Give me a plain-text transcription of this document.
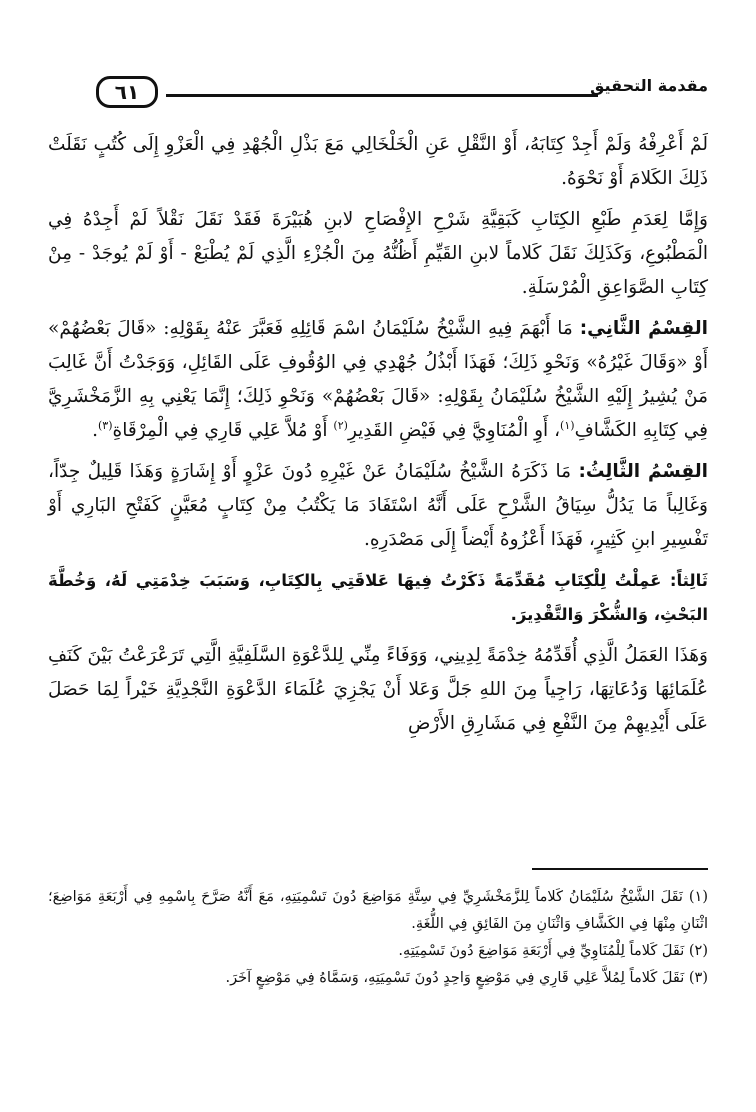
مقدمة التحقيق
٦١

لَمْ أَعْرِفْهُ وَلَمْ أَجِدْ كِتَابَهُ، أَوْ النَّقْلِ عَنِ الْخَلْخَالِي مَعَ بَذْلِ الْجُهْدِ فِي الْعَزْوِ إِلَى كُتُبٍ نَقَلَتْ ذَلِكَ الكَلامَ أَوْ نَحْوَهُ.

وَإِمَّا لِعَدَمِ طَبْعِ الكِتَابِ كَبَقِيَّةِ شَرْحِ الإِفْصَاحِ لابنِ هُبَيْرَةَ فَقَدْ نَقَلَ نَقْلاً لَمْ أَجِدْهُ فِي الْمَطْبُوعِ، وَكَذَلِكَ نَقَلَ كَلاماً لابنِ القَيِّمِ أَظُنُّهُ مِنَ الْجُزْءِ الَّذِي لَمْ يُطْبَعْ - أَوْ لَمْ يُوجَدْ - مِنْ كِتَابِ الصَّوَاعِقِ الْمُرْسَلَةِ.

القِسْمُ الثَّانِي: مَا أَبْهَمَ فِيهِ الشَّيْخُ سُلَيْمَانُ اسْمَ قَائِلِهِ فَعَبَّرَ عَنْهُ بِقَوْلِهِ: «قَالَ بَعْضُهُمْ» أَوْ «وَقَالَ غَيْرُهُ» وَنَحْوِ ذَلِكَ؛ فَهَذَا أَبْذُلُ جُهْدِي فِي الوُقُوفِ عَلَى القَائِلِ، وَوَجَدْتُ أَنَّ غَالِبَ مَنْ يُشِيرُ إِلَيْهِ الشَّيْخُ سُلَيْمَانُ بِقَوْلِهِ: «قَالَ بَعْضُهُمْ» وَنَحْوِ ذَلِكَ؛ إِنَّمَا يَعْنِي بِهِ الزَّمَخْشَرِيَّ فِي كِتَابِهِ الكَشَّافِ$^{(١)}$، أَوِ الْمُنَاوِيَّ فِي فَيْضِ القَدِيرِ$^{(٢)}$ أَوْ مُلاَّ عَلِي قَارِي فِي الْمِرْقَاةِ$^{(٣)}$.

القِسْمُ الثَّالِثُ: مَا ذَكَرَهُ الشَّيْخُ سُلَيْمَانُ عَنْ غَيْرِهِ دُونَ عَزْوٍ أَوْ إِشَارَةٍ وَهَذَا قَلِيلٌ جِدّاً، وَغَالِباً مَا يَدُلُّ سِيَاقُ الشَّرْحِ عَلَى أَنَّهُ اسْتَفَادَ مَا يَكْتُبُ مِنْ كِتَابٍ مُعَيَّنٍ كَفَتْحِ البَارِي أَوْ تَفْسِيرِ ابنِ كَثِيرٍ، فَهَذَا أَعْزُوهُ أَيْضاً إِلَى مَصْدَرِهِ.

ثَالِثاً: عَمِلْتُ لِلْكِتَابِ مُقَدِّمَةً ذَكَرْتُ فِيهَا عَلاقَتِي بِالكِتَابِ، وَسَبَبَ خِدْمَتِي لَهُ، وَخُطَّةَ البَحْثِ، وَالشُّكْرَ وَالتَّقْدِيرَ.

وَهَذَا العَمَلُ الَّذِي أُقَدِّمُهُ خِدْمَةً لِدِينِي، وَوَفَاءً مِنِّي لِلدَّعْوَةِ السَّلَفِيَّةِ الَّتِي تَرَعْرَعْتُ بَيْنَ كَنَفِ عُلَمَائِهَا وَدُعَاتِهَا، رَاجِياً مِنَ اللهِ جَلَّ وَعَلا أَنْ يَجْزِيَ عُلَمَاءَ الدَّعْوَةِ النَّجْدِيَّةِ خَيْراً لِمَا حَصَلَ عَلَى أَيْدِيهِمْ مِنَ النَّفْعِ فِي مَشَارِقِ الأَرْضِ

(١) نَقَلَ الشَّيْخُ سُلَيْمَانُ كَلاماً لِلزَّمَخْشَرِيِّ فِي سِتَّةِ مَوَاضِعَ دُونَ تَسْمِيَتِهِ، مَعَ أَنَّهُ صَرَّحَ بِاسْمِهِ فِي أَرْبَعَةِ مَوَاضِعَ؛ اثْنَانِ مِنْهَا فِي الكَشَّافِ وَاثْنَانِ مِنَ الفَائِقِ فِي اللُّغَةِ.

(٢) نَقَلَ كَلاماً لِلْمُنَاوِيِّ فِي أَرْبَعَةِ مَوَاضِعَ دُونَ تَسْمِيَتِهِ.

(٣) نَقَلَ كَلاماً لِمُلاَّ عَلِي قَارِي فِي مَوْضِعٍ وَاحِدٍ دُونَ تَسْمِيَتِهِ، وَسَمَّاهُ فِي مَوْضِعٍ آخَرَ.
